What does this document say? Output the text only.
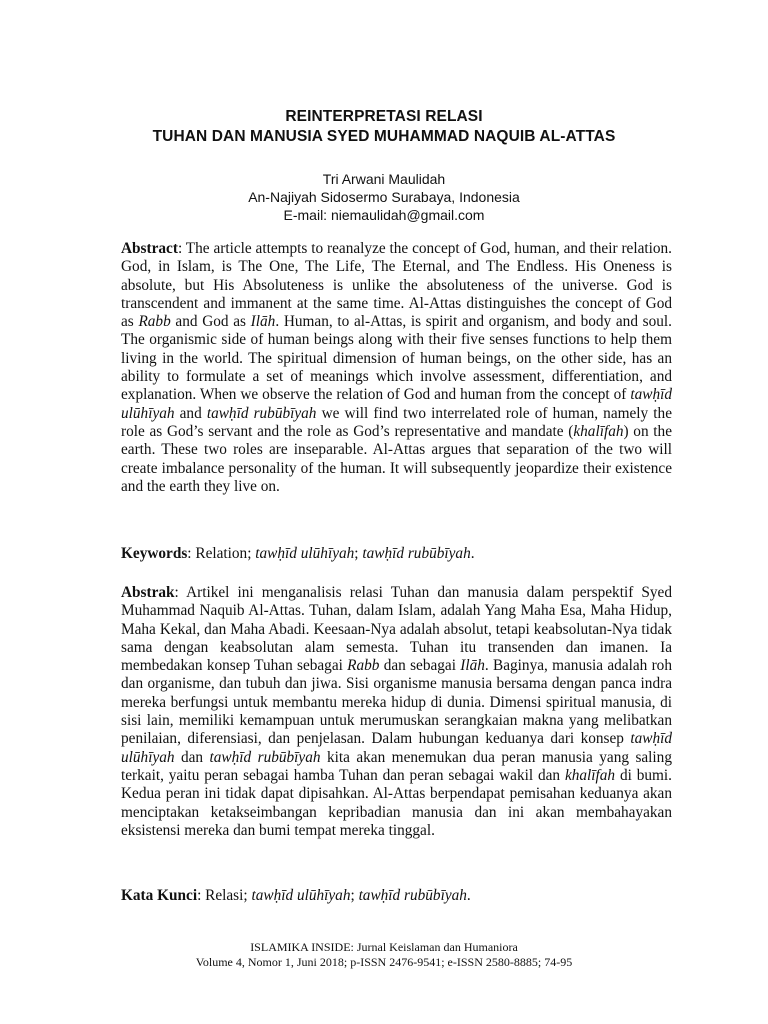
REINTERPRETASI RELASI
TUHAN DAN MANUSIA SYED MUHAMMAD NAQUIB AL-ATTAS
Tri Arwani Maulidah
An-Najiyah Sidosermo Surabaya, Indonesia
E-mail: niemaulidah@gmail.com
Abstract: The article attempts to reanalyze the concept of God, human, and their relation. God, in Islam, is The One, The Life, The Eternal, and The Endless. His Oneness is absolute, but His Absoluteness is unlike the absoluteness of the universe. God is transcendent and immanent at the same time. Al-Attas distinguishes the concept of God as Rabb and God as Ilāh. Human, to al-Attas, is spirit and organism, and body and soul. The organismic side of human beings along with their five senses functions to help them living in the world. The spiritual dimension of human beings, on the other side, has an ability to formulate a set of meanings which involve assessment, differentiation, and explanation. When we observe the relation of God and human from the concept of tawḥīd ulūhīyah and tawḥīd rubūbīyah we will find two interrelated role of human, namely the role as God’s servant and the role as God’s representative and mandate (khalīfah) on the earth. These two roles are inseparable. Al-Attas argues that separation of the two will create imbalance personality of the human. It will subsequently jeopardize their existence and the earth they live on.
Keywords: Relation; tawḥīd ulūhīyah; tawḥīd rubūbīyah.
Abstrak: Artikel ini menganalisis relasi Tuhan dan manusia dalam perspektif Syed Muhammad Naquib Al-Attas. Tuhan, dalam Islam, adalah Yang Maha Esa, Maha Hidup, Maha Kekal, dan Maha Abadi. Keesaan-Nya adalah absolut, tetapi keabsolutan-Nya tidak sama dengan keabsolutan alam semesta. Tuhan itu transenden dan imanen. Ia membedakan konsep Tuhan sebagai Rabb dan sebagai Ilāh. Baginya, manusia adalah roh dan organisme, dan tubuh dan jiwa. Sisi organisme manusia bersama dengan panca indra mereka berfungsi untuk membantu mereka hidup di dunia. Dimensi spiritual manusia, di sisi lain, memiliki kemampuan untuk merumuskan serangkaian makna yang melibatkan penilaian, diferensiasi, dan penjelasan. Dalam hubungan keduanya dari konsep tawḥīd ulūhīyah dan tawḥīd rubūbīyah kita akan menemukan dua peran manusia yang saling terkait, yaitu peran sebagai hamba Tuhan dan peran sebagai wakil dan khalīfah di bumi. Kedua peran ini tidak dapat dipisahkan. Al-Attas berpendapat pemisahan keduanya akan menciptakan ketakseimbangan kepribadian manusia dan ini akan membahayakan eksistensi mereka dan bumi tempat mereka tinggal.
Kata Kunci: Relasi; tawḥīd ulūhīyah; tawḥīd rubūbīyah.
ISLAMIKA INSIDE: Jurnal Keislaman dan Humaniora
Volume 4, Nomor 1, Juni 2018; p-ISSN 2476-9541; e-ISSN 2580-8885; 74-95
